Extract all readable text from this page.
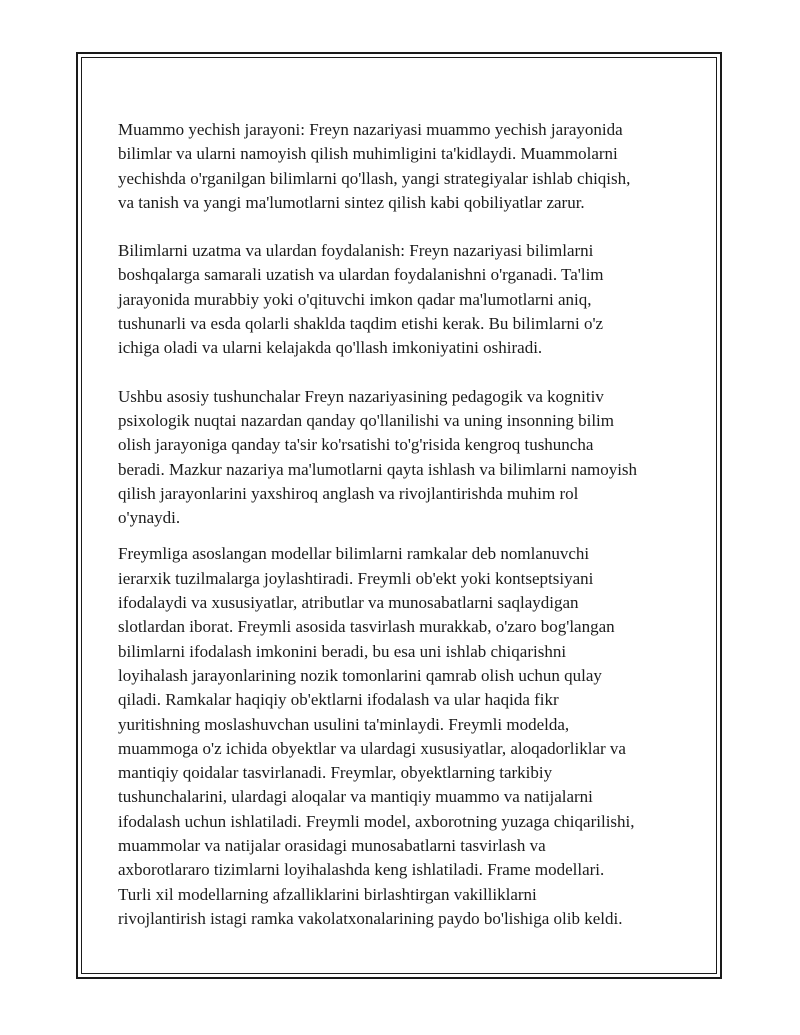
Muammo yechish jarayoni: Freyn nazariyasi muammo yechish jarayonida
bilimlar va ularni namoyish qilish muhimligini ta'kidlaydi. Muammolarni
yechishda o'rganilgan bilimlarni qo'llash, yangi strategiyalar ishlab chiqish,
va tanish va yangi ma'lumotlarni sintez qilish kabi qobiliyatlar zarur.

Bilimlarni uzatma va ulardan foydalanish: Freyn nazariyasi bilimlarni
boshqalarga samarali uzatish va ulardan foydalanishni o'rganadi. Ta'lim
jarayonida murabbiy yoki o'qituvchi imkon qadar ma'lumotlarni aniq,
tushunarli va esda qolarli shaklda taqdim etishi kerak. Bu bilimlarni o'z
ichiga oladi va ularni kelajakda qo'llash imkoniyatini oshiradi.

Ushbu asosiy tushunchalar Freyn nazariyasining pedagogik va kognitiv
psixologik nuqtai nazardan qanday qo'llanilishi va uning insonning bilim
olish jarayoniga qanday ta'sir ko'rsatishi to'g'risida kengroq tushuncha
beradi. Mazkur nazariya ma'lumotlarni qayta ishlash va bilimlarni namoyish
qilish jarayonlarini yaxshiroq anglash va rivojlantirishda muhim rol
o'ynaydi.

Freymliga asoslangan modellar bilimlarni ramkalar deb nomlanuvchi
ierarxik tuzilmalarga joylashtiradi. Freymli ob'ekt yoki kontseptsiyani
ifodalaydi va xususiyatlar, atributlar va munosabatlarni saqlaydigan
slotlardan iborat. Freymli asosida tasvirlash murakkab, o'zaro bog'langan
bilimlarni ifodalash imkonini beradi, bu esa uni ishlab chiqarishni
loyihalash jarayonlarining nozik tomonlarini qamrab olish uchun qulay
qiladi. Ramkalar haqiqiy ob'ektlarni ifodalash va ular haqida fikr
yuritishning moslashuvchan usulini ta'minlaydi. Freymli modelda,
muammoga o'z ichida obyektlar va ulardagi xususiyatlar, aloqadorliklar va
mantiqiy qoidalar tasvirlanadi. Freymlar, obyektlarning tarkibiy
tushunchalarini, ulardagi aloqalar va mantiqiy muammo va natijalarni
ifodalash uchun ishlatiladi. Freymli model, axborotning yuzaga chiqarilishi,
muammolar va natijalar orasidagi munosabatlarni tasvirlash va
axborotlararo tizimlarni loyihalashda keng ishlatiladi. Frame modellari.
Turli xil modellarning afzalliklarini birlashtirgan vakilliklarni
rivojlantirish istagi ramka vakolatxonalarining paydo bo'lishiga olib keldi.
